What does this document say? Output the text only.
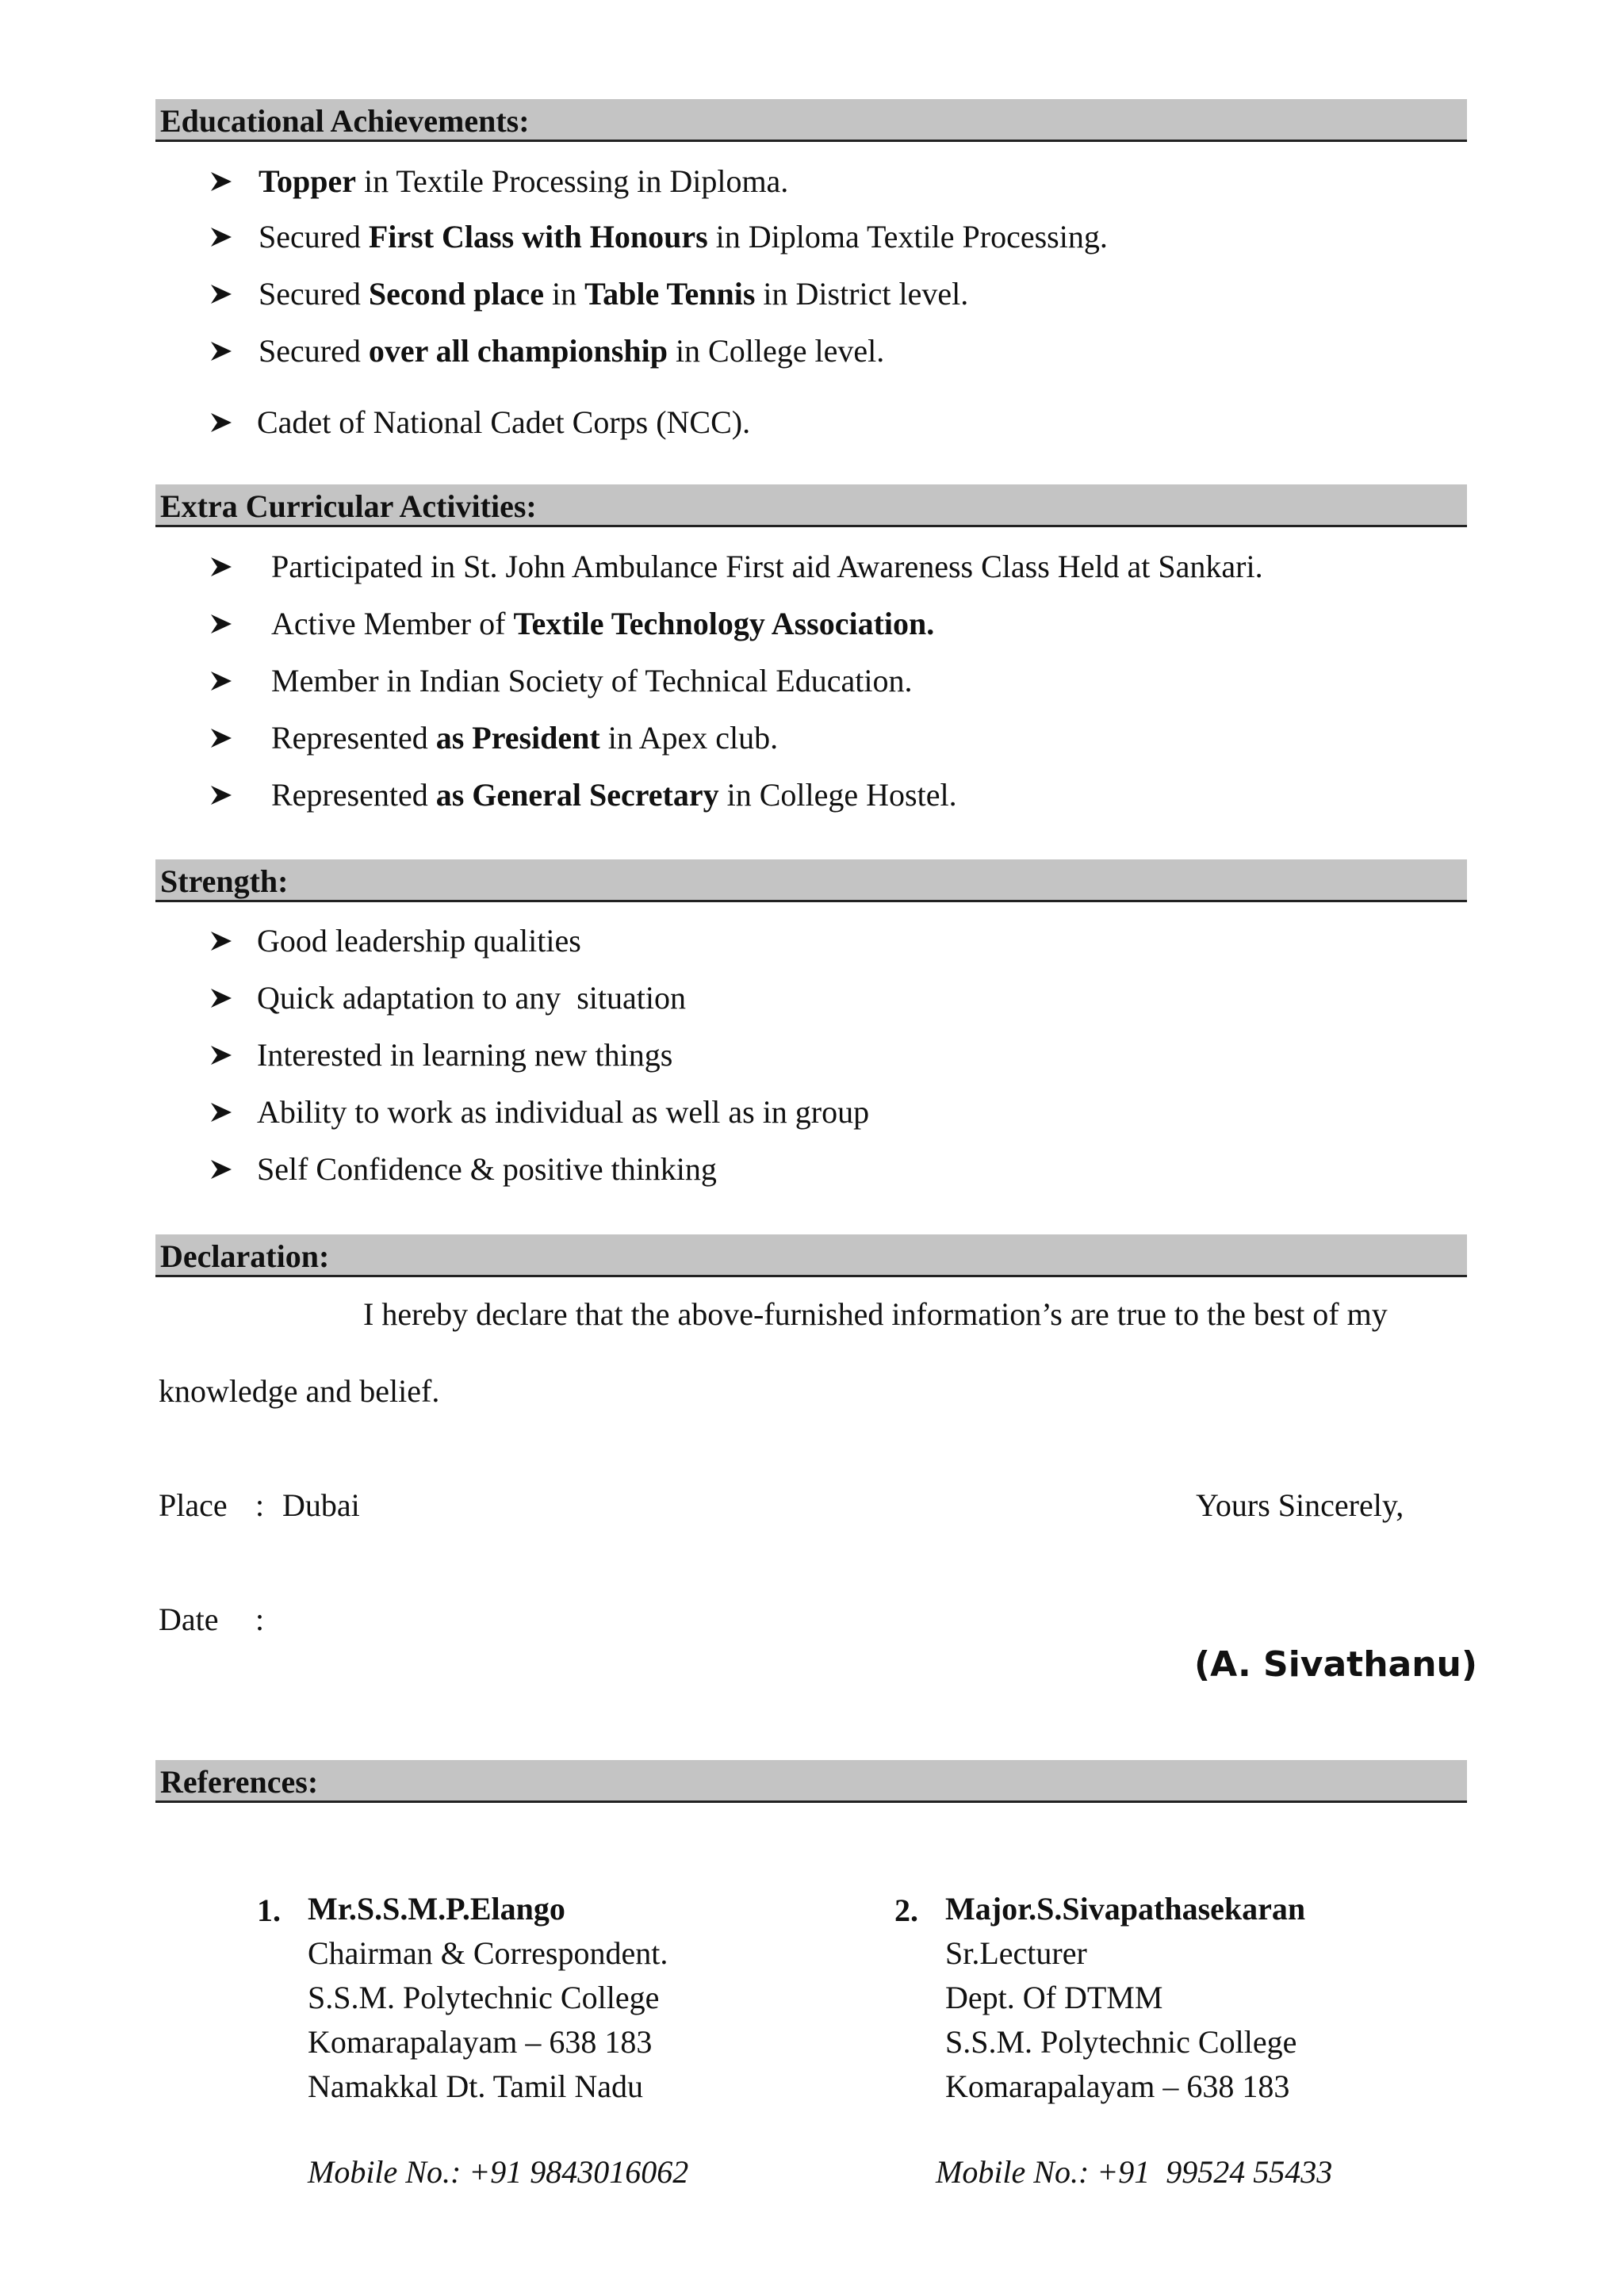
Educational Achievements:
Topper in Textile Processing in Diploma.
Secured First Class with Honours in Diploma Textile Processing.
Secured Second place in Table Tennis in District level.
Secured over all championship in College level.
Cadet of National Cadet Corps (NCC).
Extra Curricular Activities:
Participated in St. John Ambulance First aid Awareness Class Held at Sankari.
Active Member of Textile Technology Association.
Member in Indian Society of Technical Education.
Represented as President in Apex club.
Represented as General Secretary in College Hostel.
Strength:
Good leadership qualities
Quick adaptation to any  situation
Interested in learning new things
Ability to work as individual as well as in group
Self Confidence & positive thinking
Declaration:
I hereby declare that the above-furnished information’s are true to the best of my
knowledge and belief.
Place : Dubai	Yours Sincerely,
Date :
(A. Sivathanu)
References:
1. Mr.S.S.M.P.Elango
Chairman & Correspondent.
S.S.M. Polytechnic College
Komarapalayam – 638 183
Namakkal Dt. Tamil Nadu
Mobile No.: +91 9843016062
2. Major.S.Sivapathasekaran
Sr.Lecturer
Dept. Of DTMM
S.S.M. Polytechnic College
Komarapalayam – 638 183
Mobile No.: +91  99524 55433
